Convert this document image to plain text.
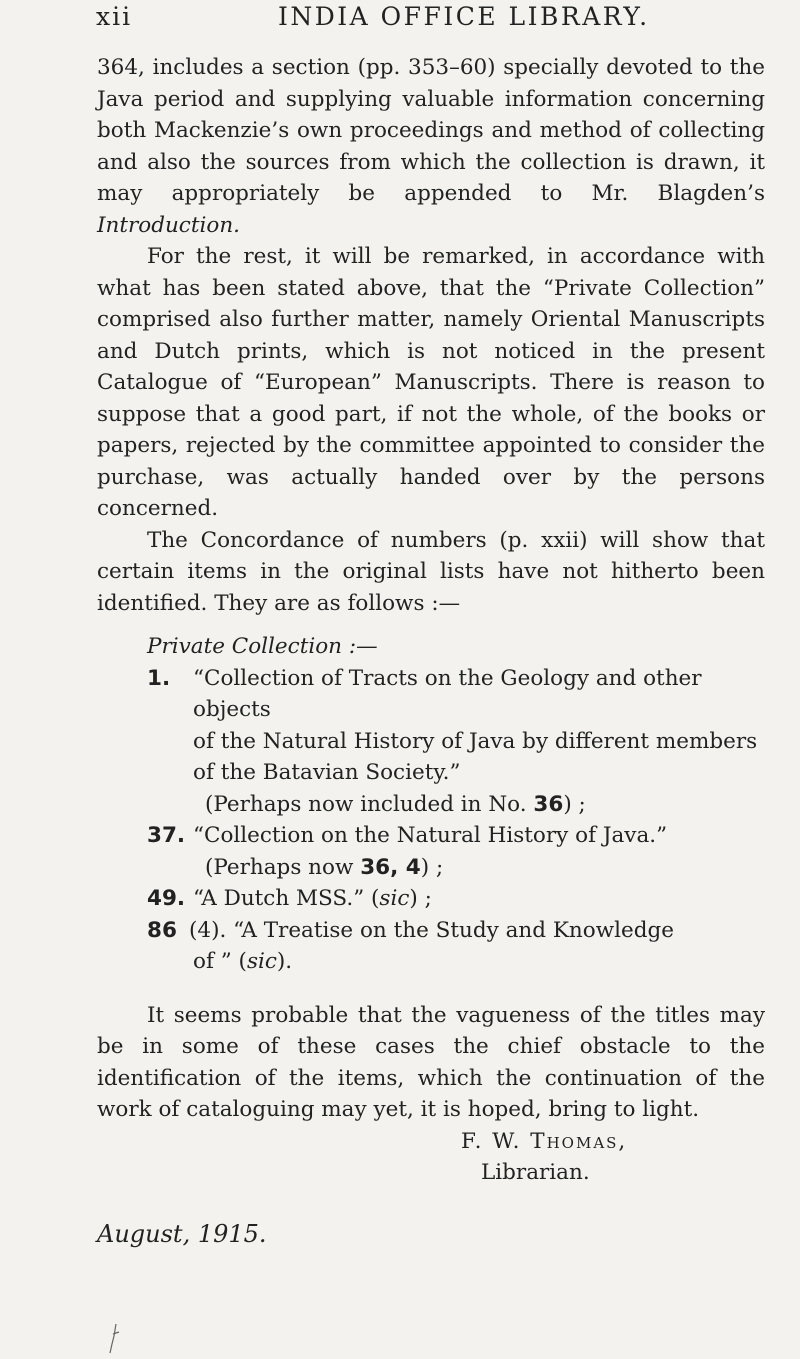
xii	INDIA OFFICE LIBRARY.

364, includes a section (pp. 353–60) specially devoted to the Java period and supplying valuable information concerning both Mackenzie’s own proceedings and method of collecting and also the sources from which the collection is drawn, it may appropriately be appended to Mr. Blagden’s Introduction.

For the rest, it will be remarked, in accordance with what has been stated above, that the “Private Collection” comprised also further matter, namely Oriental Manuscripts and Dutch prints, which is not noticed in the present Catalogue of “European” Manuscripts. There is reason to suppose that a good part, if not the whole, of the books or papers, rejected by the committee appointed to consider the purchase, was actually handed over by the persons concerned.

The Concordance of numbers (p. xxii) will show that certain items in the original lists have not hitherto been identified. They are as follows :—

Private Collection :—

1.	“Collection of Tracts on the Geology and other objects
of the Natural History of Java by different members
of the Batavian Society.”
(Perhaps now included in No. 36) ;
37. “Collection on the Natural History of Java.”
(Perhaps now 36, 4) ;
49. “A Dutch MSS.” (sic) ;
86 (4). “A Treatise on the Study and Knowledge
of ” (sic).

It seems probable that the vagueness of the titles may be in some of these cases the chief obstacle to the identification of the items, which the continuation of the work of cataloguing may yet, it is hoped, bring to light.

F. W. Thomas,
Librarian.
August, 1915.
